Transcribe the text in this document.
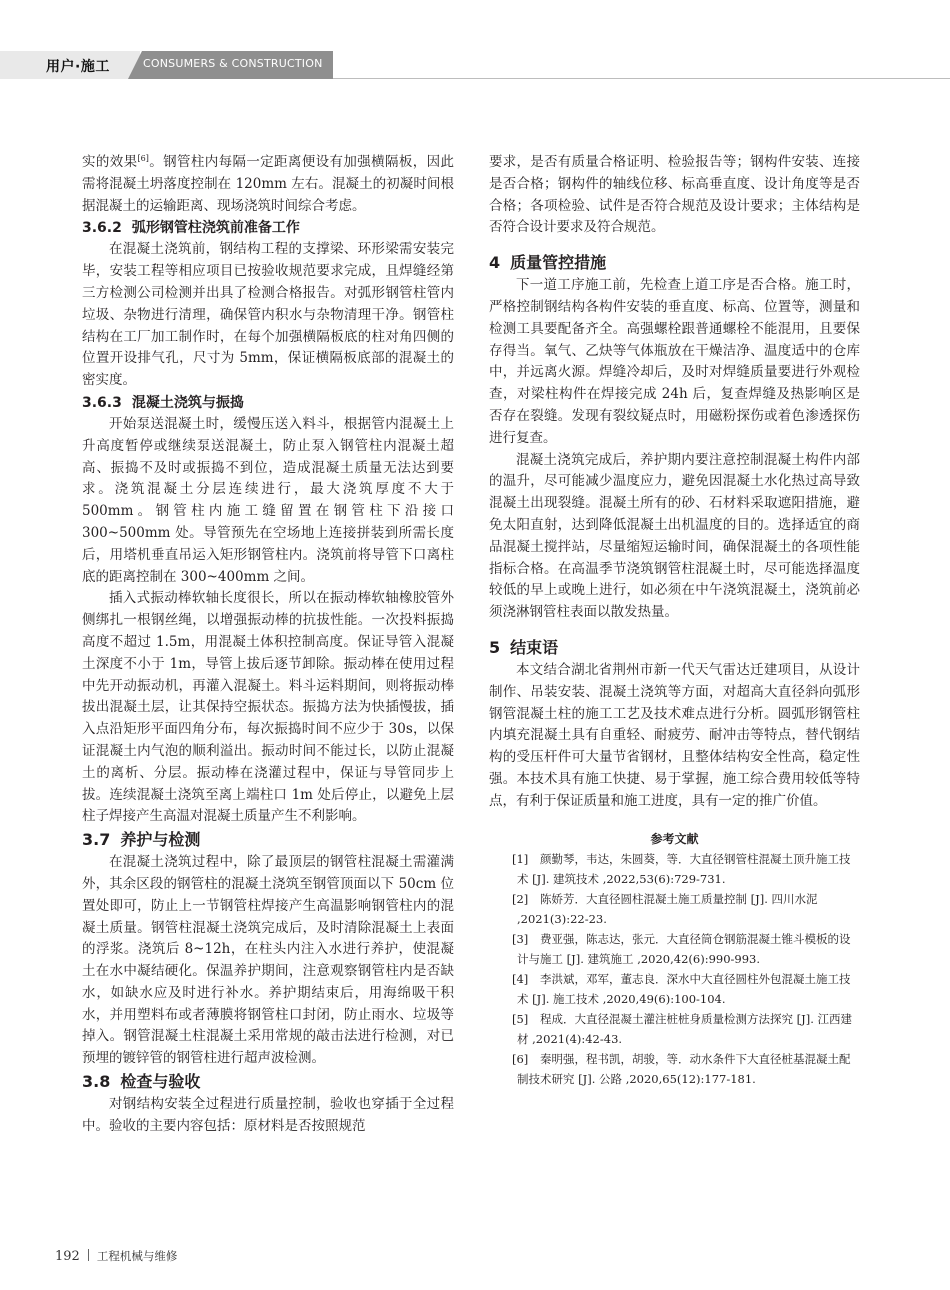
用户·施工	CONSUMERS & CONSTRUCTION

实的效果[6]。钢管柱内每隔一定距离便设有加强横隔板，因此需将混凝土坍落度控制在 120mm 左右。混凝土的初凝时间根据混凝土的运输距离、现场浇筑时间综合考虑。

3.6.2 弧形钢管柱浇筑前准备工作

在混凝土浇筑前，钢结构工程的支撑梁、环形梁需安装完毕，安装工程等相应项目已按验收规范要求完成，且焊缝经第三方检测公司检测并出具了检测合格报告。对弧形钢管柱管内垃圾、杂物进行清理，确保管内积水与杂物清理干净。钢管柱结构在工厂加工制作时，在每个加强横隔板底的柱对角四侧的位置开设排气孔，尺寸为 5mm，保证横隔板底部的混凝土的密实度。

3.6.3 混凝土浇筑与振捣

开始泵送混凝土时，缓慢压送入料斗，根据管内混凝土上升高度暂停或继续泵送混凝土，防止泵入钢管柱内混凝土超高、振捣不及时或振捣不到位，造成混凝土质量无法达到要求。浇筑混凝土分层连续进行，最大浇筑厚度不大于 500mm。钢管柱内施工缝留置在钢管柱下沿接口 300~500mm 处。导管预先在空场地上连接拼装到所需长度后，用塔机垂直吊运入矩形钢管柱内。浇筑前将导管下口离柱底的距离控制在 300~400mm 之间。

插入式振动棒软轴长度很长，所以在振动棒软轴橡胶管外侧绑扎一根钢丝绳，以增强振动棒的抗拔性能。一次投料振捣高度不超过 1.5m，用混凝土体积控制高度。保证导管入混凝土深度不小于 1m，导管上拔后逐节卸除。振动棒在使用过程中先开动振动机，再灌入混凝土。料斗运料期间，则将振动棒拔出混凝土层，让其保持空振状态。振捣方法为快插慢拔，插入点沿矩形平面四角分布，每次振捣时间不应少于 30s，以保证混凝土内气泡的顺利溢出。振动时间不能过长，以防止混凝土的离析、分层。振动棒在浇灌过程中，保证与导管同步上拔。连续混凝土浇筑至离上端柱口 1m 处后停止，以避免上层柱子焊接产生高温对混凝土质量产生不利影响。

3.7 养护与检测

在混凝土浇筑过程中，除了最顶层的钢管柱混凝土需灌满外，其余区段的钢管柱的混凝土浇筑至钢管顶面以下 50cm 位置处即可，防止上一节钢管柱焊接产生高温影响钢管柱内的混凝土质量。钢管柱混凝土浇筑完成后，及时清除混凝土上表面的浮浆。浇筑后 8~12h，在柱头内注入水进行养护，使混凝土在水中凝结硬化。保温养护期间，注意观察钢管柱内是否缺水，如缺水应及时进行补水。养护期结束后，用海绵吸干积水，并用塑料布或者薄膜将钢管柱口封闭，防止雨水、垃圾等掉入。钢管混凝土柱混凝土采用常规的敲击法进行检测，对已预埋的镀锌管的钢管柱进行超声波检测。

3.8 检查与验收

对钢结构安装全过程进行质量控制，验收也穿插于全过程中。验收的主要内容包括：原材料是否按照规范

要求，是否有质量合格证明、检验报告等；钢构件安装、连接是否合格；钢构件的轴线位移、标高垂直度、设计角度等是否合格；各项检验、试件是否符合规范及设计要求；主体结构是否符合设计要求及符合规范。

4 质量管控措施

下一道工序施工前，先检查上道工序是否合格。施工时，严格控制钢结构各构件安装的垂直度、标高、位置等，测量和检测工具要配备齐全。高强螺栓跟普通螺栓不能混用，且要保存得当。氧气、乙炔等气体瓶放在干燥洁净、温度适中的仓库中，并远离火源。焊缝冷却后，及时对焊缝质量要进行外观检查，对梁柱构件在焊接完成 24h 后，复查焊缝及热影响区是否存在裂缝。发现有裂纹疑点时，用磁粉探伤或着色渗透探伤进行复查。

混凝土浇筑完成后，养护期内要注意控制混凝土构件内部的温升，尽可能减少温度应力，避免因混凝土水化热过高导致混凝土出现裂缝。混凝土所有的砂、石材料采取遮阳措施，避免太阳直射，达到降低混凝土出机温度的目的。选择适宜的商品混凝土搅拌站，尽量缩短运输时间，确保混凝土的各项性能指标合格。在高温季节浇筑钢管柱混凝土时，尽可能选择温度较低的早上或晚上进行，如必须在中午浇筑混凝土，浇筑前必须浇淋钢管柱表面以散发热量。

5 结束语

本文结合湖北省荆州市新一代天气雷达迁建项目，从设计制作、吊装安装、混凝土浇筑等方面，对超高大直径斜向弧形钢管混凝土柱的施工工艺及技术难点进行分析。圆弧形钢管柱内填充混凝土具有自重轻、耐疲劳、耐冲击等特点，替代钢结构的受压杆件可大量节省钢材，且整体结构安全性高，稳定性强。本技术具有施工快捷、易于掌握，施工综合费用较低等特点，有利于保证质量和施工进度，具有一定的推广价值。

参考文献

[1] 颜勤琴，韦达，朱圆葵，等．大直径钢管柱混凝土顶升施工技术 [J]. 建筑技术 ,2022,53(6):729-731.

[2] 陈娇芳．大直径圆柱混凝土施工质量控制 [J]. 四川水泥 ,2021(3):22-23.

[3] 费亚强，陈志达，张元．大直径筒仓钢筋混凝土锥斗模板的设计与施工 [J]. 建筑施工 ,2020,42(6):990-993.

[4] 李洪斌，邓军，董志良．深水中大直径圆柱外包混凝土施工技术 [J]. 施工技术 ,2020,49(6):100-104.

[5] 程成．大直径混凝土灌注桩桩身质量检测方法探究 [J]. 江西建材 ,2021(4):42-43.

[6] 秦明强，程书凯，胡骏，等．动水条件下大直径桩基混凝土配制技术研究 [J]. 公路 ,2020,65(12):177-181.

192 工程机械与维修
